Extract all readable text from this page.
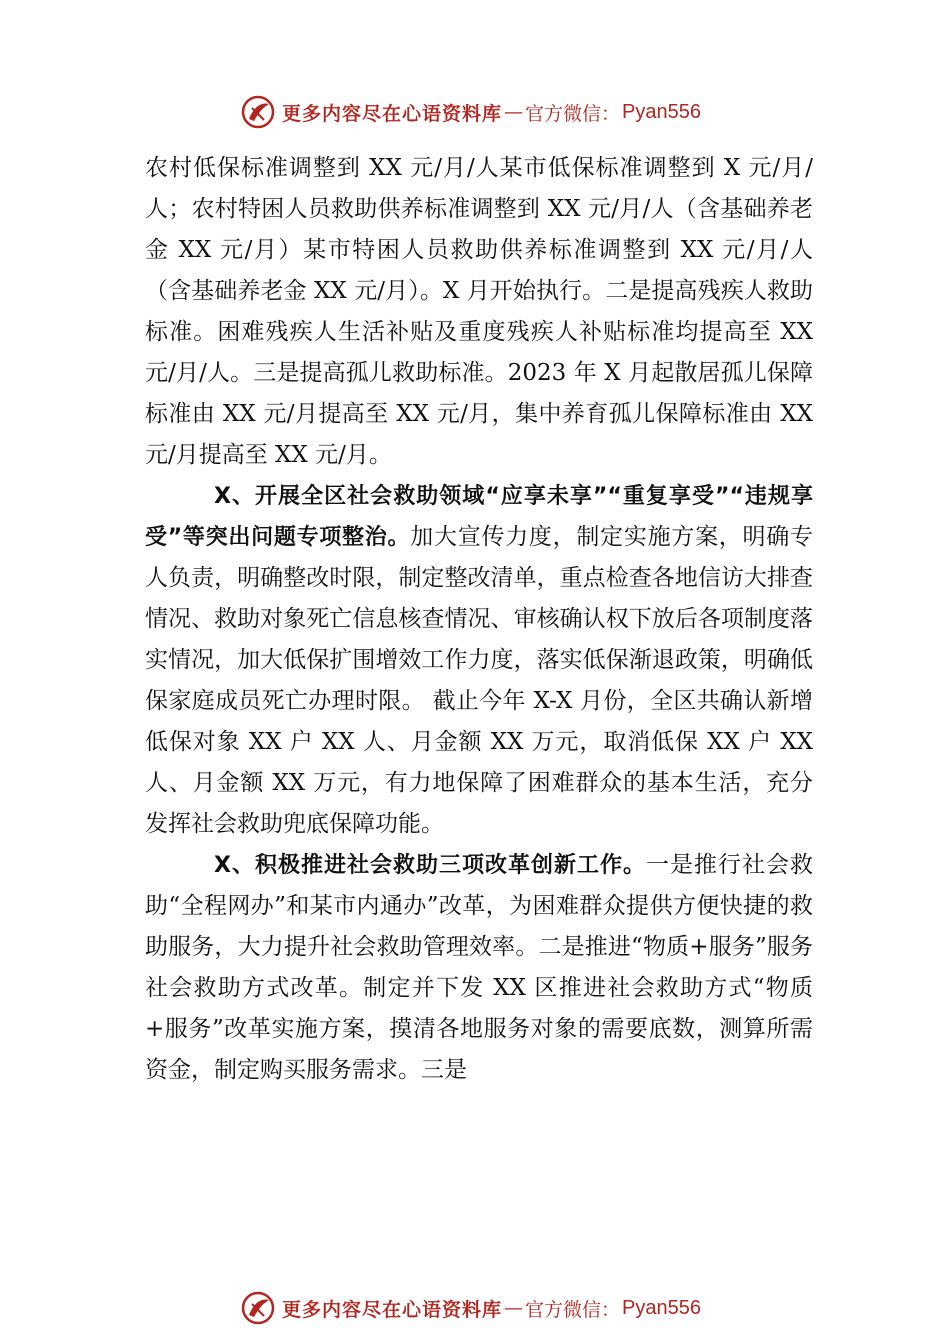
更多内容尽在心语资料库 — 官方微信： Pyan556

农村低保标准调整到 XX 元/月/人某市低保标准调整到 X 元/月/人；农村特困人员救助供养标准调整到 XX 元/月/人（含基础养老金 XX 元/月）某市特困人员救助供养标准调整到 XX 元/月/人（含基础养老金 XX 元/月）。X 月开始执行。二是提高残疾人救助标准。困难残疾人生活补贴及重度残疾人补贴标准均提高至 XX 元/月/人。三是提高孤儿救助标准。2023 年 X 月起散居孤儿保障标准由 XX 元/月提高至 XX 元/月，集中养育孤儿保障标准由 XX 元/月提高至 XX 元/月。

X、开展全区社会救助领域“应享未享”“重复享受”“违规享受”等突出问题专项整治。加大宣传力度，制定实施方案，明确专人负责，明确整改时限，制定整改清单，重点检查各地信访大排查情况、救助对象死亡信息核查情况、审核确认权下放后各项制度落实情况，加大低保扩围增效工作力度，落实低保渐退政策，明确低保家庭成员死亡办理时限。 截止今年 X-X 月份，全区共确认新增低保对象 XX 户 XX 人、月金额 XX 万元，取消低保 XX 户 XX 人、月金额 XX 万元，有力地保障了困难群众的基本生活，充分发挥社会救助兜底保障功能。

X、积极推进社会救助三项改革创新工作。一是推行社会救助“全程网办”和某市内通办”改革，为困难群众提供方便快捷的救助服务，大力提升社会救助管理效率。二是推进“物质+服务”服务社会救助方式改革。制定并下发 XX 区推进社会救助方式“物质+服务”改革实施方案，摸清各地服务对象的需要底数，测算所需资金，制定购买服务需求。三是

更多内容尽在心语资料库 — 官方微信： Pyan556
